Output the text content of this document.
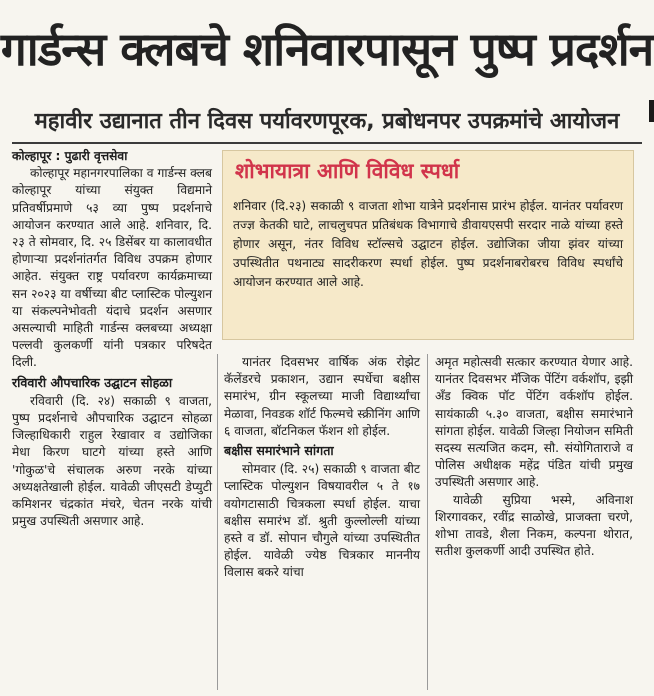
गार्डन्स क्लबचे शनिवारपासून पुष्प प्रदर्शन
महावीर उद्यानात तीन दिवस पर्यावरणपूरक, प्रबोधनपर उपक्रमांचे आयोजन

कोल्हापूर : पुढारी वृत्तसेवा

कोल्हापूर महानगरपालिका व गार्डन्स क्लब कोल्हापूर यांच्या संयुक्त विद्यमाने प्रतिवर्षीप्रमाणे ५३ व्या पुष्प प्रदर्शनाचे आयोजन करण्यात आले आहे. शनिवार, दि. २३ ते सोमवार, दि. २५ डिसेंबर या कालावधीत होणाऱ्या प्रदर्शनांतर्गत विविध उपक्रम होणार आहेत. संयुक्त राष्ट्र पर्यावरण कार्यक्रमाच्या सन २०२३ या वर्षीच्या बीट प्लास्टिक पोल्युशन या संकल्पनेभोवती यंदाचे प्रदर्शन असणार असल्याची माहिती गार्डन्स क्लबच्या अध्यक्षा पल्लवी कुलकर्णी यांनी पत्रकार परिषदेत दिली.

रविवारी औपचारिक उद्घाटन सोहळा

रविवारी (दि. २४) सकाळी ९ वाजता, पुष्प प्रदर्शनाचे औपचारिक उद्घाटन सोहळा जिल्हाधिकारी राहुल रेखावार व उद्योजिका मेधा किरण घाटगे यांच्या हस्ते आणि 'गोकुळ'चे संचालक अरुण नरके यांच्या अध्यक्षतेखाली होईल. यावेळी जीएसटी डेप्युटी कमिशनर चंद्रकांत मंचरे, चेतन नरके यांची प्रमुख उपस्थिती असणार आहे.

शोभायात्रा आणि विविध स्पर्धा
शनिवार (दि.२३) सकाळी ९ वाजता शोभा यात्रेने प्रदर्शनास प्रारंभ होईल. यानंतर पर्यावरण तज्ज्ञ केतकी घाटे, लाचलुचपत प्रतिबंधक विभागाचे डीवायएसपी सरदार नाळे यांच्या हस्ते होणार असून, नंतर विविध स्टॉल्सचे उद्घाटन होईल. उद्योजिका जीया झंवर यांच्या उपस्थितीत पथनाट्य सादरीकरण स्पर्धा होईल. पुष्प प्रदर्शनाबरोबरच विविध स्पर्धांचे आयोजन करण्यात आले आहे.

यानंतर दिवसभर वार्षिक अंक रोझेट कॅलेंडरचे प्रकाशन, उद्यान स्पर्धेचा बक्षीस समारंभ, ग्रीन स्कूलच्या माजी विद्यार्थ्यांचा मेळावा, निवडक शॉर्ट फिल्मचे स्क्रीनिंग आणि ६ वाजता, बॉटनिकल फॅशन शो होईल.

बक्षीस समारंभाने सांगता

सोमवार (दि. २५) सकाळी ९ वाजता बीट प्लास्टिक पोल्युशन विषयावरील ५ ते १७ वयोगटासाठी चित्रकला स्पर्धा होईल. याचा बक्षीस समारंभ डॉ. श्रुती कुल्लोल्ली यांच्या हस्ते व डॉ. सोपान चौगुले यांच्या उपस्थितीत होईल. यावेळी ज्येष्ठ चित्रकार माननीय विलास बकरे यांचा

अमृत महोत्सवी सत्कार करण्यात येणार आहे. यानंतर दिवसभर मॅजिक पेंटिंग वर्कशॉप, इझी अँड क्विक पॉट पेंटिंग वर्कशॉप होईल. सायंकाळी ५.३० वाजता, बक्षीस समारंभाने सांगता होईल. यावेळी जिल्हा नियोजन समिती सदस्य सत्यजित कदम, सौ. संयोगिताराजे व पोलिस अधीक्षक महेंद्र पंडित यांची प्रमुख उपस्थिती असणार आहे.

यावेळी सुप्रिया भस्मे, अविनाश शिरगावकर, रवींद्र साळोखे, प्राजक्ता चरणे, शोभा तावडे, शैला निकम, कल्पना थोरात, सतीश कुलकर्णी आदी उपस्थित होते.
